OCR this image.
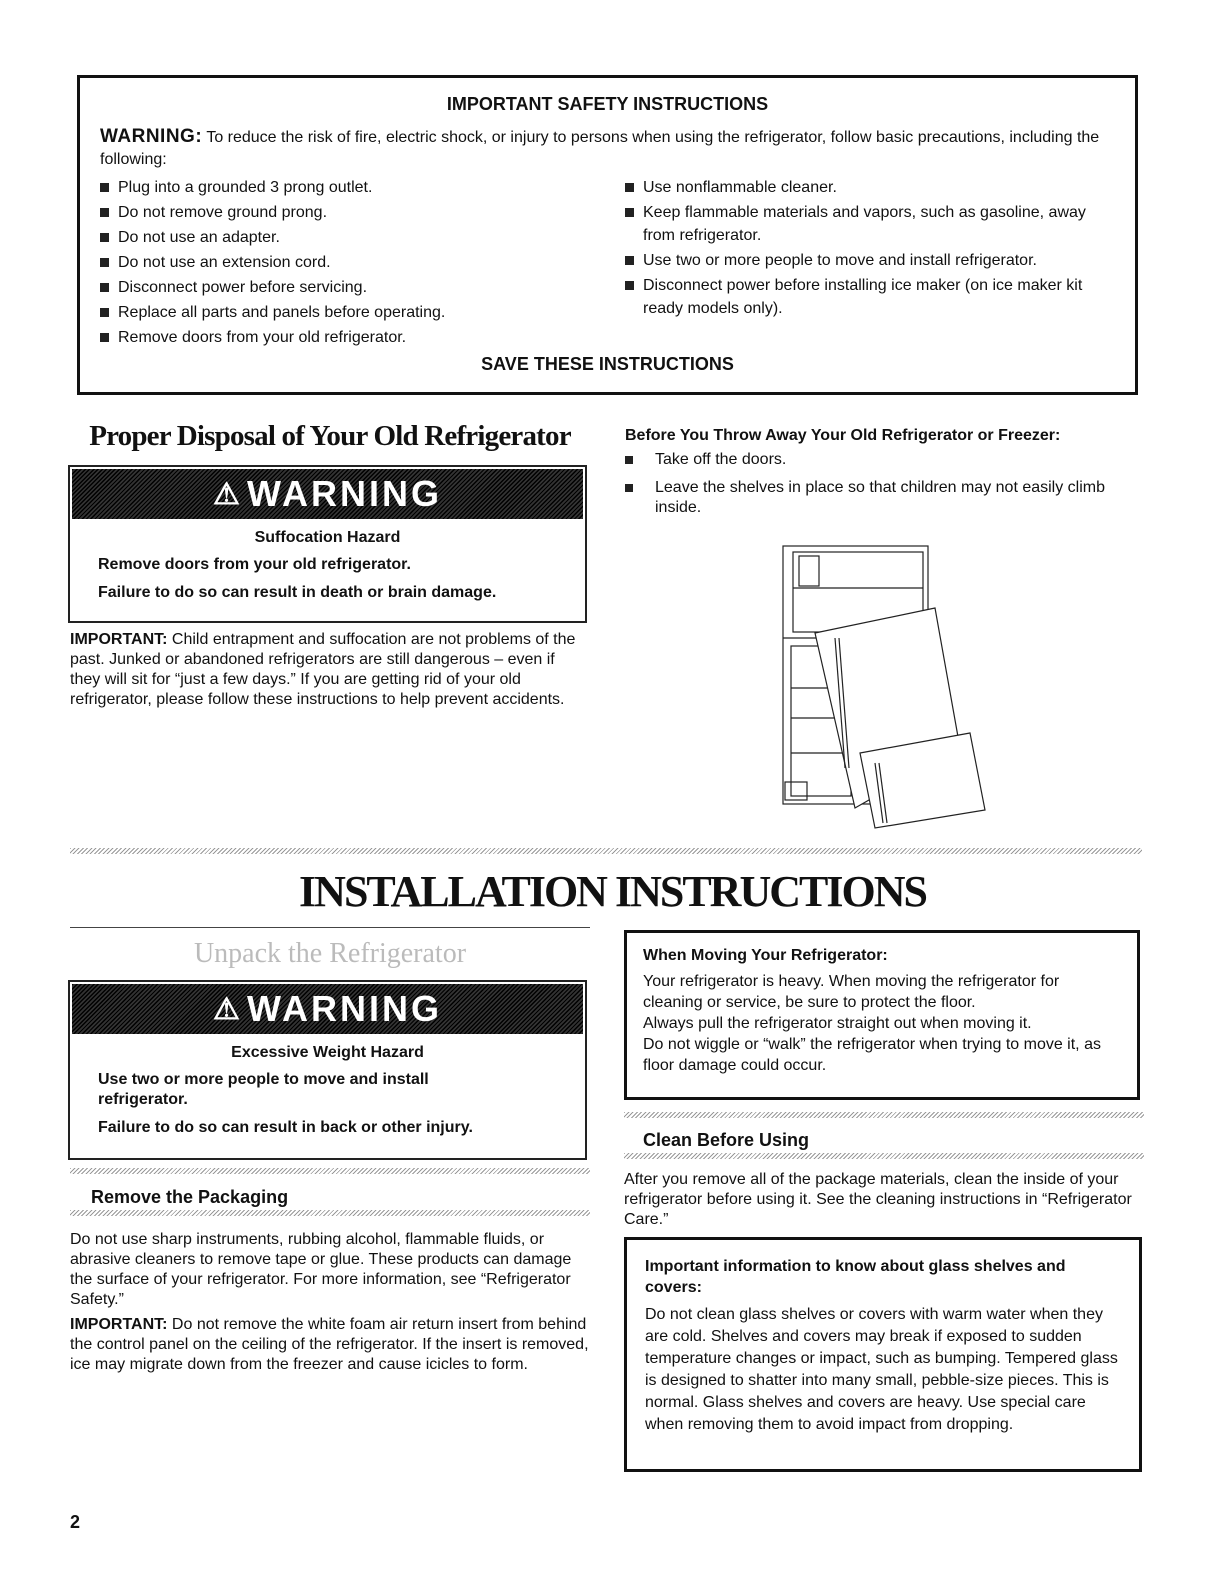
IMPORTANT SAFETY INSTRUCTIONS
WARNING: To reduce the risk of fire, electric shock, or injury to persons when using the refrigerator, follow basic precautions, including the following:
Plug into a grounded 3 prong outlet.
Do not remove ground prong.
Do not use an adapter.
Do not use an extension cord.
Disconnect power before servicing.
Replace all parts and panels before operating.
Remove doors from your old refrigerator.
Use nonflammable cleaner.
Keep flammable materials and vapors, such as gasoline, away from refrigerator.
Use two or more people to move and install refrigerator.
Disconnect power before installing ice maker (on ice maker kit ready models only).
SAVE THESE INSTRUCTIONS
Proper Disposal of Your Old Refrigerator
⚠ WARNING
Suffocation Hazard
Remove doors from your old refrigerator.
Failure to do so can result in death or brain damage.
IMPORTANT: Child entrapment and suffocation are not problems of the past. Junked or abandoned refrigerators are still dangerous – even if they will sit for “just a few days.” If you are getting rid of your old refrigerator, please follow these instructions to help prevent accidents.
Before You Throw Away Your Old Refrigerator or Freezer:
Take off the doors.
Leave the shelves in place so that children may not easily climb inside.
INSTALLATION INSTRUCTIONS
Unpack the Refrigerator
⚠ WARNING
Excessive Weight Hazard
Use two or more people to move and install refrigerator.
Failure to do so can result in back or other injury.
Remove the Packaging
Do not use sharp instruments, rubbing alcohol, flammable fluids, or abrasive cleaners to remove tape or glue. These products can damage the surface of your refrigerator. For more information, see “Refrigerator Safety.”
IMPORTANT: Do not remove the white foam air return insert from behind the control panel on the ceiling of the refrigerator. If the insert is removed, ice may migrate down from the freezer and cause icicles to form.
When Moving Your Refrigerator:
Your refrigerator is heavy. When moving the refrigerator for cleaning or service, be sure to protect the floor.
Always pull the refrigerator straight out when moving it.
Do not wiggle or “walk” the refrigerator when trying to move it, as floor damage could occur.
Clean Before Using
After you remove all of the package materials, clean the inside of your refrigerator before using it. See the cleaning instructions in “Refrigerator Care.”
Important information to know about glass shelves and covers:
Do not clean glass shelves or covers with warm water when they are cold. Shelves and covers may break if exposed to sudden temperature changes or impact, such as bumping. Tempered glass is designed to shatter into many small, pebble-size pieces. This is normal. Glass shelves and covers are heavy. Use special care when removing them to avoid impact from dropping.
2
